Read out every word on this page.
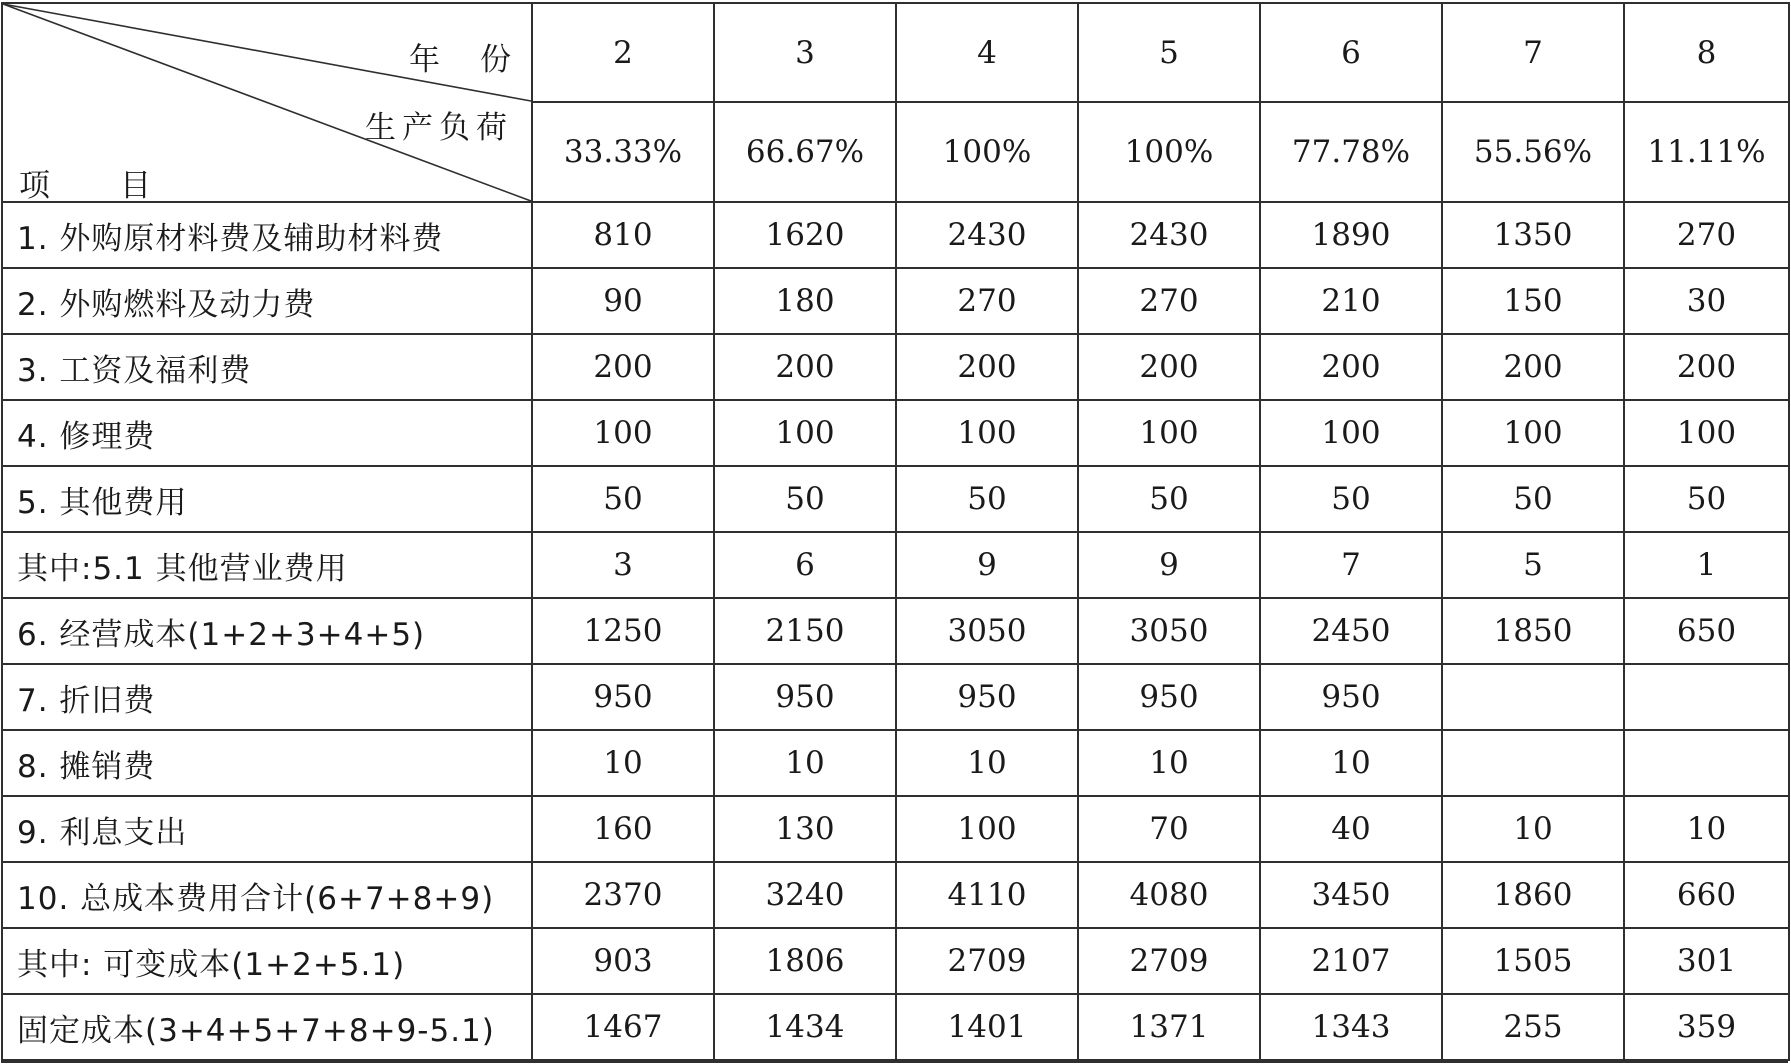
年份
生产负荷
项目	2	3	4	5	6	7	8
	33.33%	66.67%	100%	100%	77.78%	55.56%	11.11%
1. 外购原材料费及辅助材料费	810	1620	2430	2430	1890	1350	270
2. 外购燃料及动力费	90	180	270	270	210	150	30
3. 工资及福利费	200	200	200	200	200	200	200
4. 修理费	100	100	100	100	100	100	100
5. 其他费用	50	50	50	50	50	50	50
其中:5.1 其他营业费用	3	6	9	9	7	5	1
6. 经营成本(1+2+3+4+5)	1250	2150	3050	3050	2450	1850	650
7. 折旧费	950	950	950	950	950		
8. 摊销费	10	10	10	10	10		
9. 利息支出	160	130	100	70	40	10	10
10. 总成本费用合计(6+7+8+9)	2370	3240	4110	4080	3450	1860	660
其中: 可变成本(1+2+5.1)	903	1806	2709	2709	2107	1505	301
固定成本(3+4+5+7+8+9-5.1)	1467	1434	1401	1371	1343	255	359
